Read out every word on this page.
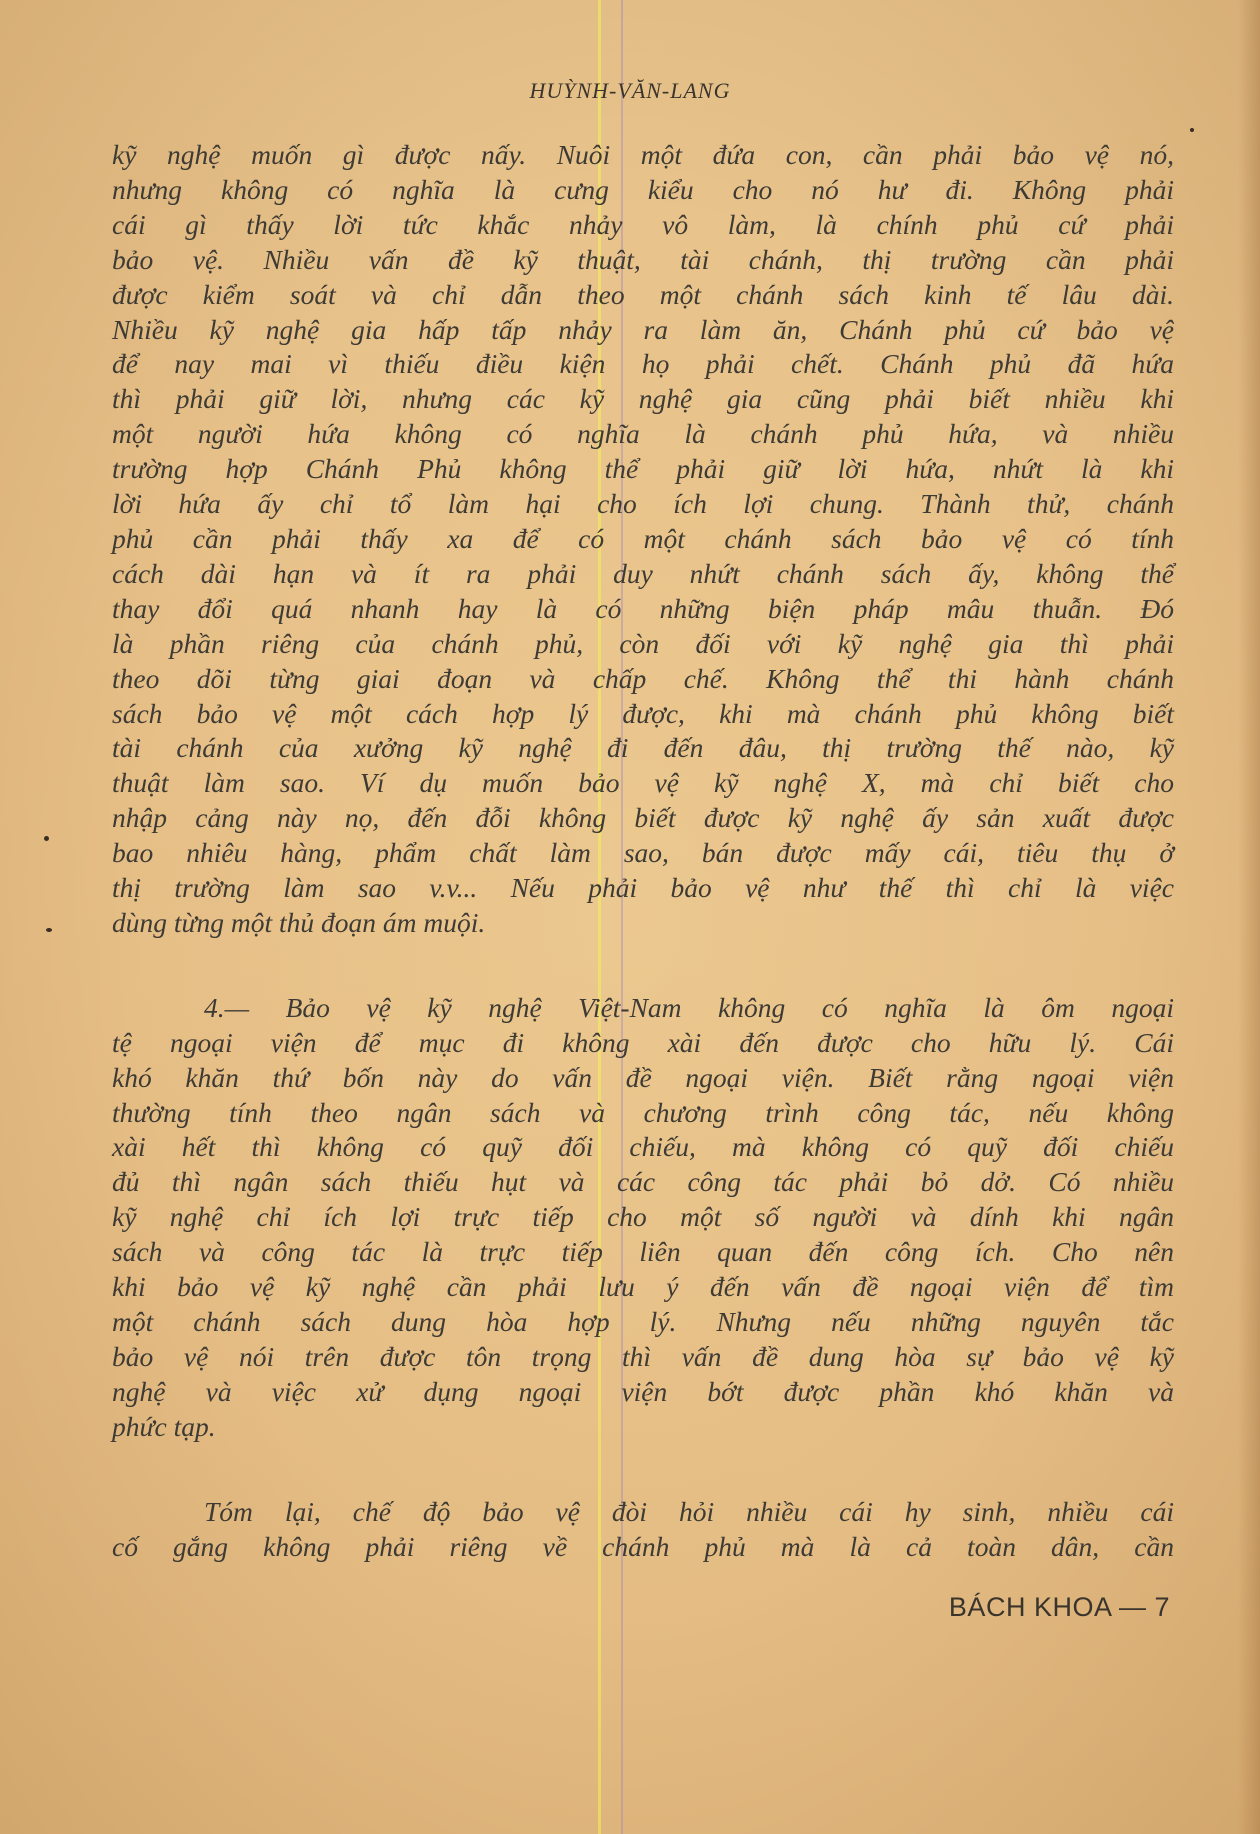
HUỲNH-VĂN-LANG

kỹ nghệ muốn gì được nấy. Nuôi một đứa con, cần phải bảo vệ nó,

nhưng không có nghĩa là cưng kiểu cho nó hư đi. Không phải

cái gì thấy lời tức khắc nhảy vô làm, là chính phủ cứ phải

bảo vệ. Nhiều vấn đề kỹ thuật, tài chánh, thị trường cần phải

được kiểm soát và chỉ dẫn theo một chánh sách kinh tế lâu dài.

Nhiều kỹ nghệ gia hấp tấp nhảy ra làm ăn, Chánh phủ cứ bảo vệ

để nay mai vì thiếu điều kiện họ phải chết. Chánh phủ đã hứa

thì phải giữ lời, nhưng các kỹ nghệ gia cũng phải biết nhiều khi

một người hứa không có nghĩa là chánh phủ hứa, và nhiều

trường hợp Chánh Phủ không thể phải giữ lời hứa, nhứt là khi

lời hứa ấy chỉ tổ làm hại cho ích lợi chung. Thành thử, chánh

phủ cần phải thấy xa để có một chánh sách bảo vệ có tính

cách dài hạn và ít ra phải duy nhứt chánh sách ấy, không thể

thay đổi quá nhanh hay là có những biện pháp mâu thuẫn. Đó

là phần riêng của chánh phủ, còn đối với kỹ nghệ gia thì phải

theo dõi từng giai đoạn và chấp chế. Không thể thi hành chánh

sách bảo vệ một cách hợp lý được, khi mà chánh phủ không biết

tài chánh của xưởng kỹ nghệ đi đến đâu, thị trường thế nào, kỹ

thuật làm sao. Ví dụ muốn bảo vệ kỹ nghệ X, mà chỉ biết cho

nhập cảng này nọ, đến đỗi không biết được kỹ nghệ ấy sản xuất được

bao nhiêu hàng, phẩm chất làm sao, bán được mấy cái, tiêu thụ ở

thị trường làm sao v.v... Nếu phải bảo vệ như thế thì chỉ là việc

dùng từng một thủ đoạn ám muội.

4.— Bảo vệ kỹ nghệ Việt-Nam không có nghĩa là ôm ngoại

tệ ngoại viện để mục đi không xài đến được cho hữu lý. Cái

khó khăn thứ bốn này do vấn đề ngoại viện. Biết rằng ngoại viện

thường tính theo ngân sách và chương trình công tác, nếu không

xài hết thì không có quỹ đối chiếu, mà không có quỹ đối chiếu

đủ thì ngân sách thiếu hụt và các công tác phải bỏ dở. Có nhiều

kỹ nghệ chỉ ích lợi trực tiếp cho một số người và dính khi ngân

sách và công tác là trực tiếp liên quan đến công ích. Cho nên

khi bảo vệ kỹ nghệ cần phải lưu ý đến vấn đề ngoại viện để tìm

một chánh sách dung hòa hợp lý. Nhưng nếu những nguyên tắc

bảo vệ nói trên được tôn trọng thì vấn đề dung hòa sự bảo vệ kỹ

nghệ và việc xử dụng ngoại viện bớt được phần khó khăn và

phức tạp.

Tóm lại, chế độ bảo vệ đòi hỏi nhiều cái hy sinh, nhiều cái

cố gắng không phải riêng về chánh phủ mà là cả toàn dân, cần

BÁCH KHOA — 7
